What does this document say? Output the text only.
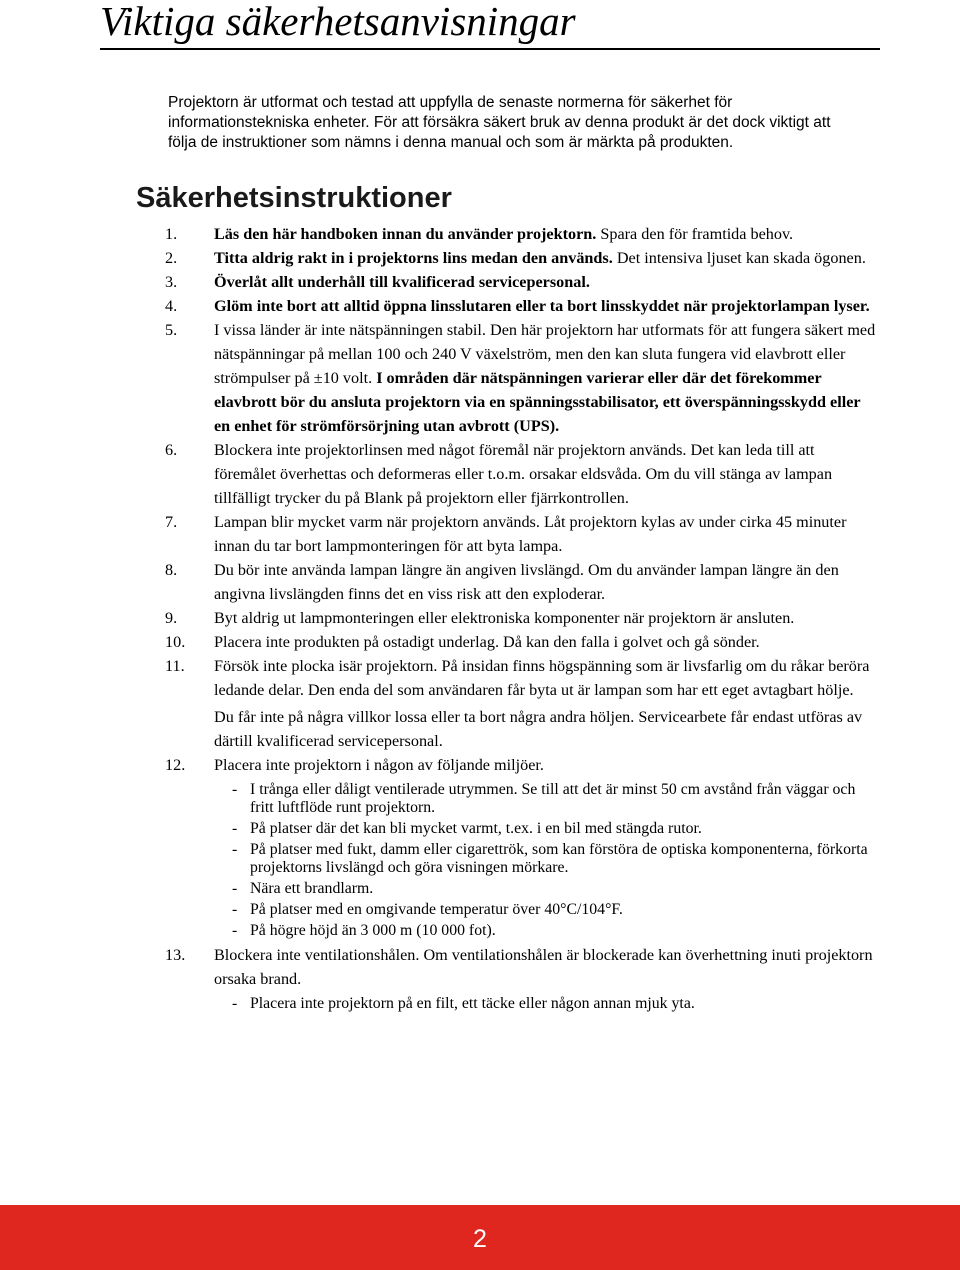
Viktiga säkerhetsanvisningar

Projektorn är utformat och testad att uppfylla de senaste normerna för säkerhet för informationstekniska enheter. För att försäkra säkert bruk av denna produkt är det dock viktigt att följa de instruktioner som nämns i denna manual och som är märkta på produkten.

Säkerhetsinstruktioner
1.	Läs den här handboken innan du använder projektorn. Spara den för framtida behov.

2.	Titta aldrig rakt in i projektorns lins medan den används. Det intensiva ljuset kan skada ögonen.

3.	Överlåt allt underhåll till kvalificerad servicepersonal.

4.	Glöm inte bort att alltid öppna linsslutaren eller ta bort linsskyddet när projektorlampan lyser.

5.	I vissa länder är inte nätspänningen stabil. Den här projektorn har utformats för att fungera säkert med nätspänningar på mellan 100 och 240 V växelström, men den kan sluta fungera vid elavbrott eller strömpulser på ±10 volt. I områden där nätspänningen varierar eller där det förekommer elavbrott bör du ansluta projektorn via en spänningsstabilisator, ett överspänningsskydd eller en enhet för strömförsörjning utan avbrott (UPS).

6.	Blockera inte projektorlinsen med något föremål när projektorn används. Det kan leda till att föremålet överhettas och deformeras eller t.o.m. orsakar eldsvåda. Om du vill stänga av lampan tillfälligt trycker du på Blank på projektorn eller fjärrkontrollen.

7.	Lampan blir mycket varm när projektorn används. Låt projektorn kylas av under cirka 45 minuter innan du tar bort lampmonteringen för att byta lampa.

8.	Du bör inte använda lampan längre än angiven livslängd. Om du använder lampan längre än den angivna livslängden finns det en viss risk att den exploderar.

9.	Byt aldrig ut lampmonteringen eller elektroniska komponenter när projektorn är ansluten.

10.	Placera inte produkten på ostadigt underlag. Då kan den falla i golvet och gå sönder.

11.	Försök inte plocka isär projektorn. På insidan finns högspänning som är livsfarlig om du råkar beröra ledande delar. Den enda del som användaren får byta ut är lampan som har ett eget avtagbart hölje.

Du får inte på några villkor lossa eller ta bort några andra höljen. Servicearbete får endast utföras av därtill kvalificerad servicepersonal.

12.	Placera inte projektorn i någon av följande miljöer.

- I trånga eller dåligt ventilerade utrymmen. Se till att det är minst 50 cm avstånd från väggar och fritt luftflöde runt projektorn.
- På platser där det kan bli mycket varmt, t.ex. i en bil med stängda rutor.
- På platser med fukt, damm eller cigarettrök, som kan förstöra de optiska komponenterna, förkorta projektorns livslängd och göra visningen mörkare.
- Nära ett brandlarm.
- På platser med en omgivande temperatur över 40°C/104°F.
- På högre höjd än 3 000 m (10 000 fot).
13.	Blockera inte ventilationshålen. Om ventilationshålen är blockerade kan överhettning inuti projektorn orsaka brand.

- Placera inte projektorn på en filt, ett täcke eller någon annan mjuk yta.
2
